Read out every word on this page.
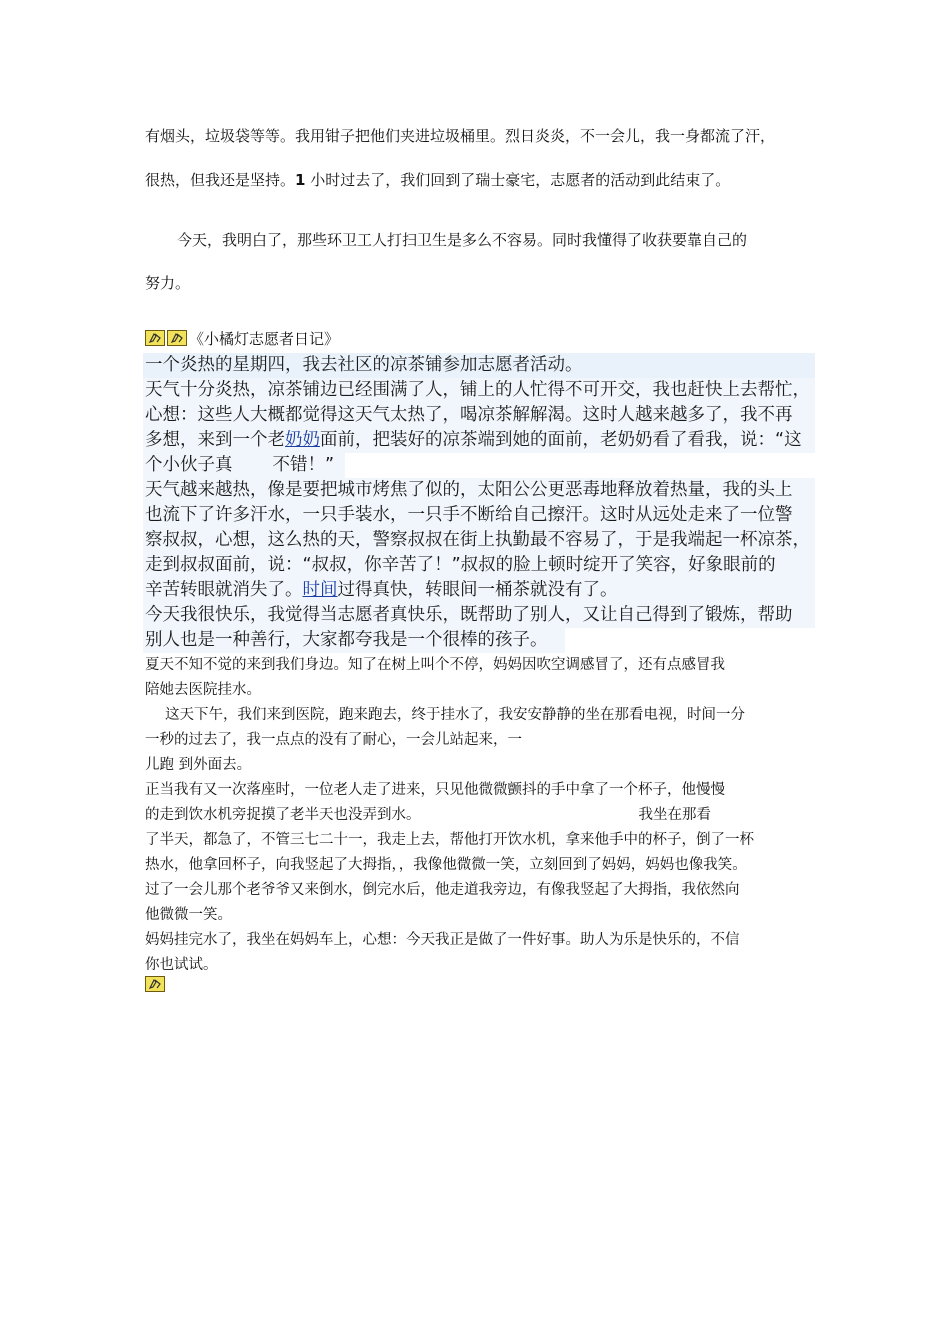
有烟头，垃圾袋等等。我用钳子把他们夹进垃圾桶里。烈日炎炎，不一会儿，我一身都流了汗，

很热，但我还是坚持。1 小时过去了，我们回到了瑞士豪宅，志愿者的活动到此结束了。

今天，我明白了，那些环卫工人打扫卫生是多么不容易。同时我懂得了收获要靠自己的

努力。

《小橘灯志愿者日记》

一个炎热的星期四，我去社区的凉茶铺参加志愿者活动。

天气十分炎热，凉茶铺边已经围满了人，铺上的人忙得不可开交，我也赶快上去帮忙，

心想：这些人大概都觉得这天气太热了，喝凉茶解解渴。这时人越来越多了，我不再

多想，来到一个老奶奶面前，把装好的凉茶端到她的面前，老奶奶看了看我，说：“这

个小伙子真 不错！”

天气越来越热，像是要把城市烤焦了似的，太阳公公更恶毒地释放着热量，我的头上

也流下了许多汗水，一只手装水，一只手不断给自己擦汗。这时从远处走来了一位警

察叔叔，心想，这么热的天，警察叔叔在街上执勤最不容易了，于是我端起一杯凉茶，

走到叔叔面前，说：“叔叔，你辛苦了！”叔叔的脸上顿时绽开了笑容，好象眼前的

辛苦转眼就消失了。时间过得真快，转眼间一桶茶就没有了。

今天我很快乐，我觉得当志愿者真快乐，既帮助了别人，又让自己得到了锻炼，帮助

别人也是一种善行，大家都夸我是一个很棒的孩子。

夏天不知不觉的来到我们身边。知了在树上叫个不停，妈妈因吹空调感冒了，还有点感冒我

陪她去医院挂水。

这天下午，我们来到医院，跑来跑去，终于挂水了，我安安静静的坐在那看电视，时间一分

一秒的过去了，我一点点的没有了耐心，一会儿站起来，一

儿跑 到外面去。

正当我有又一次落座时，一位老人走了进来，只见他微微颤抖的手中拿了一个杯子，他慢慢

的走到饮水机旁捉摸了老半天也没弄到水。	我坐在那看

了半天，都急了，不管三七二十一，我走上去，帮他打开饮水机，拿来他手中的杯子，倒了一杯

热水，他拿回杯子，向我竖起了大拇指，，我像他微微一笑，立刻回到了妈妈，妈妈也像我笑。

过了一会儿那个老爷爷又来倒水，倒完水后，他走道我旁边，有像我竖起了大拇指，我依然向

他微微一笑。

妈妈挂完水了，我坐在妈妈车上，心想：今天我正是做了一件好事。助人为乐是快乐的，不信

你也试试。
